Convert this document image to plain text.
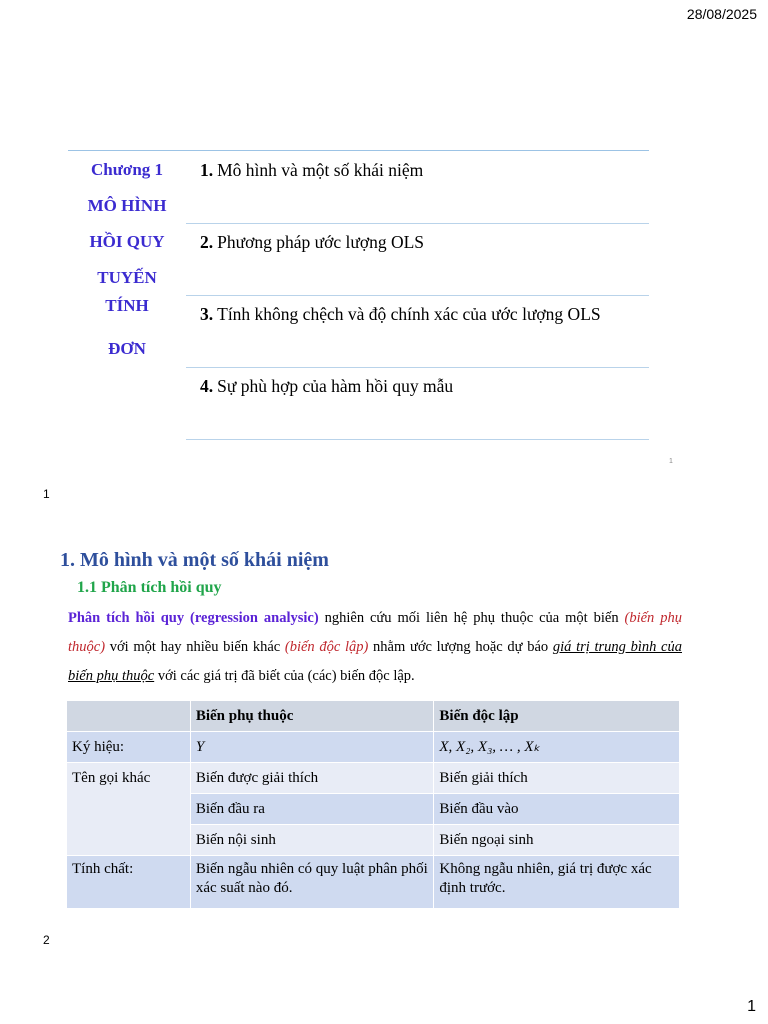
28/08/2025
Chương 1
MÔ HÌNH
HỒI QUY
TUYẾN
TÍNH
ĐƠN
1. Mô hình và một số khái niệm
2. Phương pháp ước lượng OLS
3. Tính không chệch và độ chính xác của ước lượng OLS
4. Sự phù hợp của hàm hồi quy mẫu
1
1
1. Mô hình và một số khái niệm
1.1 Phân tích hồi quy
Phân tích hồi quy (regression analysic) nghiên cứu mối liên hệ phụ thuộc của một biến (biến phụ thuộc) với một hay nhiều biến khác (biến độc lập) nhằm ước lượng hoặc dự báo giá trị trung bình của biến phụ thuộc với các giá trị đã biết của (các) biến độc lập.
	Biến phụ thuộc	Biến độc lập
Ký hiệu:	Y	X, X₂, X₃, … , Xₖ
Tên gọi khác	Biến được giải thích	Biến giải thích
	Biến đầu ra	Biến đầu vào
	Biến nội sinh	Biến ngoại sinh
Tính chất:	Biến ngẫu nhiên có quy luật phân phối xác suất nào đó.	Không ngẫu nhiên, giá trị được xác định trước.
2
1
